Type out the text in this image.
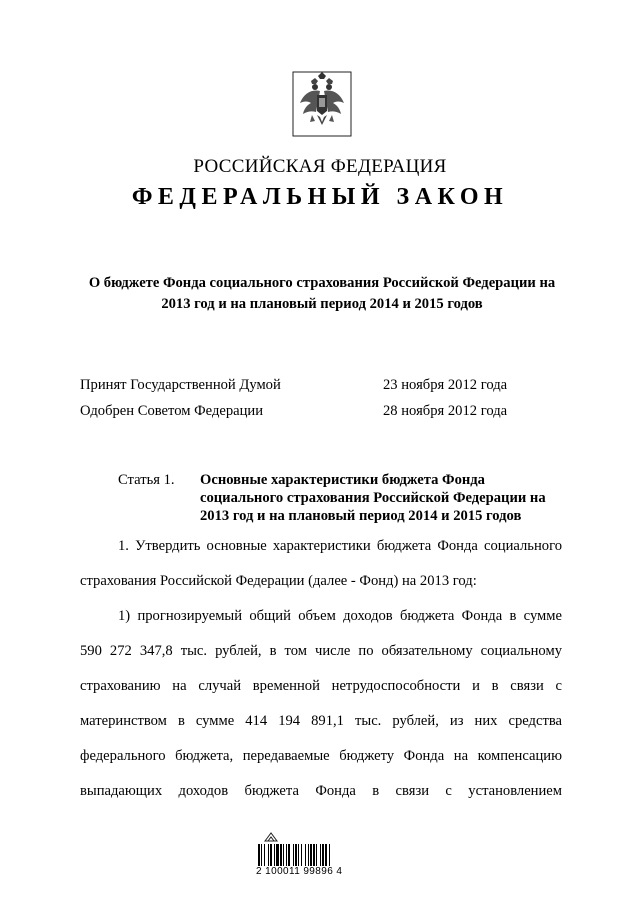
РОССИЙСКАЯ ФЕДЕРАЦИЯ
ФЕДЕРАЛЬНЫЙ ЗАКОН
О бюджете Фонда социального страхования Российской Федерации на
2013 год и на плановый период 2014 и 2015 годов
Принят Государственной Думой	23 ноября 2012 года
Одобрен Советом Федерации	28 ноября 2012 года
Статья 1. Основные характеристики бюджета Фонда
социального страхования Российской Федерации на
2013 год и на плановый период 2014 и 2015 годов
1. Утвердить основные характеристики бюджета Фонда социального
страхования Российской Федерации (далее - Фонд) на 2013 год:
1) прогнозируемый общий объем доходов бюджета Фонда в сумме
590 272 347,8 тыс. рублей, в том числе по обязательному социальному
страхованию на случай временной нетрудоспособности и в связи с
материнством в сумме 414 194 891,1 тыс. рублей, из них средства
федерального бюджета, передаваемые бюджету Фонда на компенсацию
выпадающих доходов бюджета Фонда в связи с установлением
2 100011 99896 4
